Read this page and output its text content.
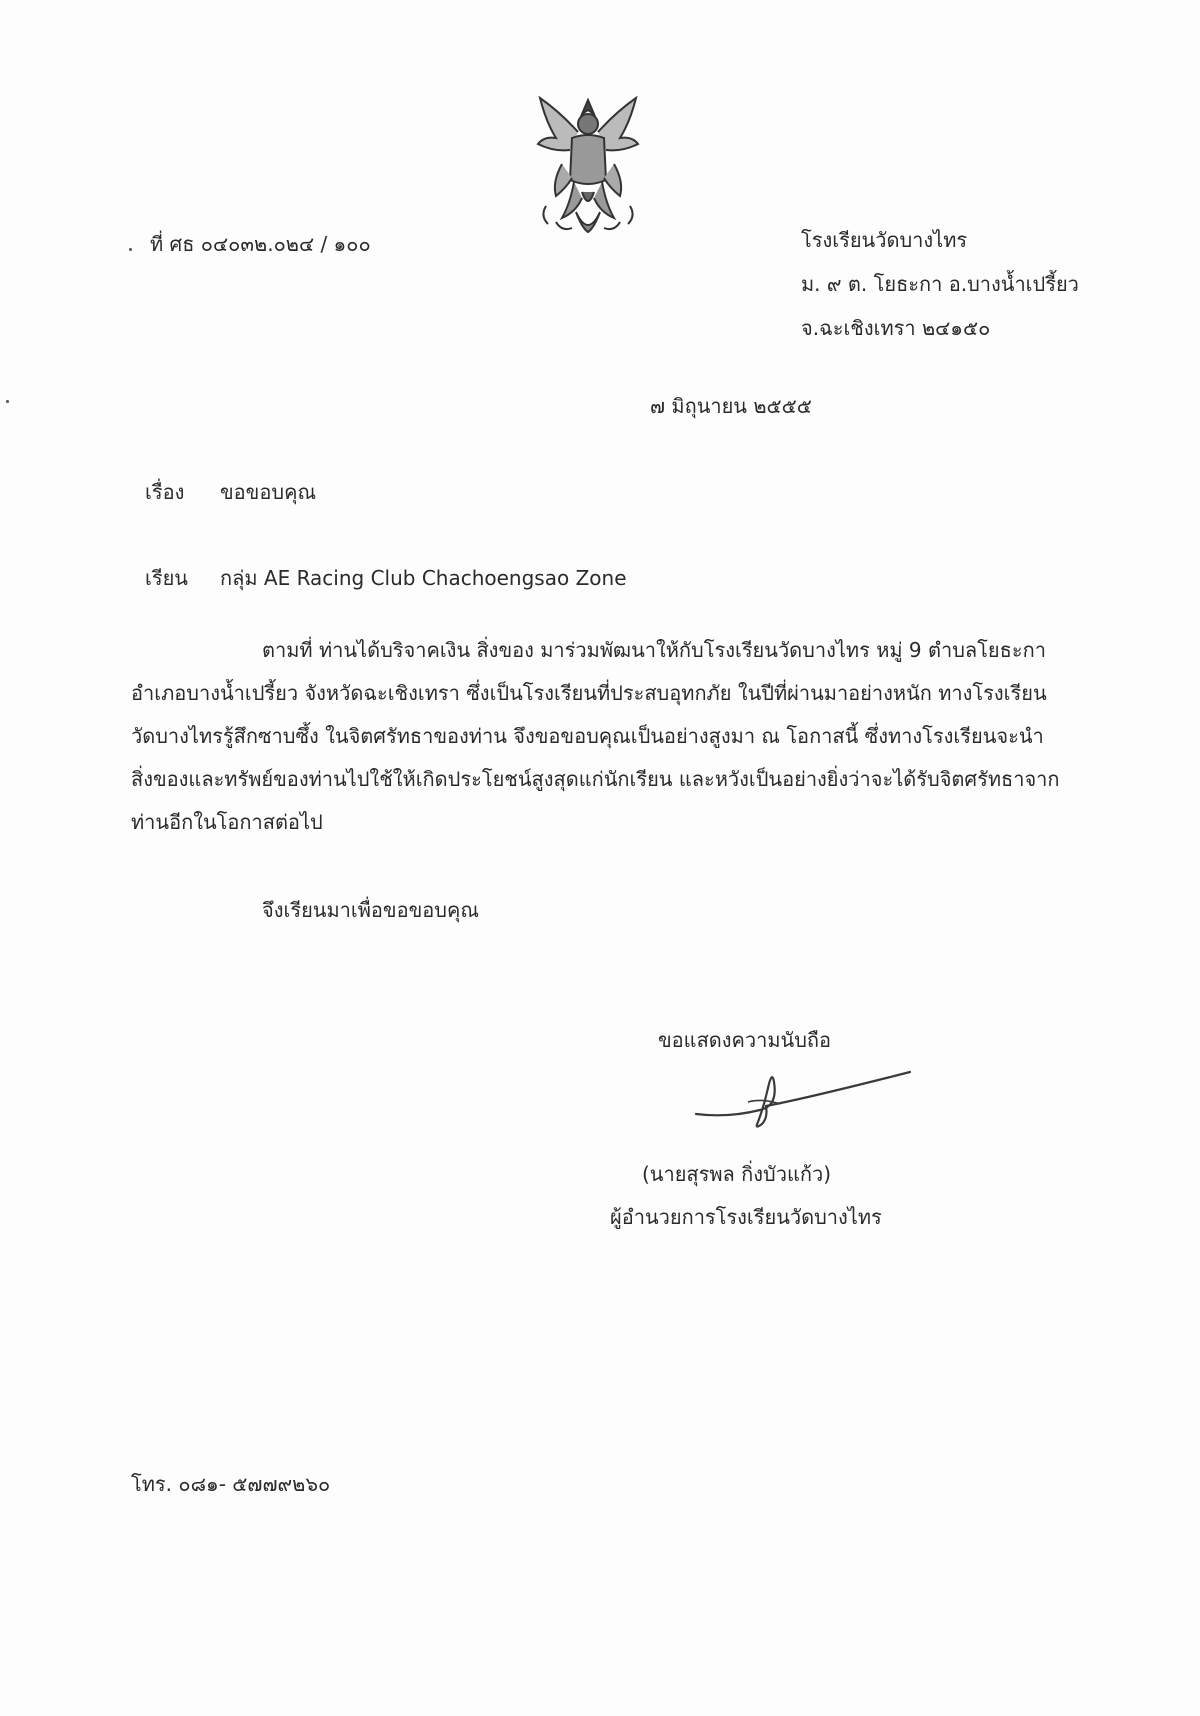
ที่ ศธ ๐๔๐๓๒.๐๒๔ / ๑๐๐	โรงเรียนวัดบางไทร
ม. ๙ ต. โยธะกา อ.บางน้ำเปรี้ยว
จ.ฉะเชิงเทรา ๒๔๑๕๐
๗ มิถุนายน ๒๕๕๕
เรื่อง ขอขอบคุณ
เรียน กลุ่ม AE Racing Club Chachoengsao Zone
ตามที่ ท่านได้บริจาคเงิน สิ่งของ มาร่วมพัฒนาให้กับโรงเรียนวัดบางไทร หมู่ 9 ตำบลโยธะกา
อำเภอบางน้ำเปรี้ยว จังหวัดฉะเชิงเทรา ซึ่งเป็นโรงเรียนที่ประสบอุทกภัย ในปีที่ผ่านมาอย่างหนัก ทางโรงเรียน
วัดบางไทรรู้สึกซาบซึ้ง ในจิตศรัทธาของท่าน จึงขอขอบคุณเป็นอย่างสูงมา ณ โอกาสนี้ ซึ่งทางโรงเรียนจะนำ
สิ่งของและทรัพย์ของท่านไปใช้ให้เกิดประโยชน์สูงสุดแก่นักเรียน และหวังเป็นอย่างยิ่งว่าจะได้รับจิตศรัทธาจาก
ท่านอีกในโอกาสต่อไป
จึงเรียนมาเพื่อขอขอบคุณ
ขอแสดงความนับถือ
(นายสุรพล กิ่งบัวแก้ว)
ผู้อำนวยการโรงเรียนวัดบางไทร
โทร. ๐๘๑- ๕๗๗๙๒๖๐
